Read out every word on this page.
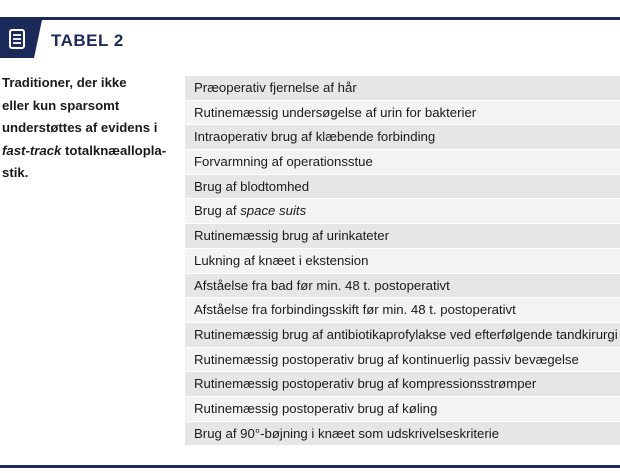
TABEL 2

Traditioner, der ikke
eller kun sparsomt
understøttes af evidens i
fast-track totalknæallopla-
stik.

Præoperativ fjernelse af hår
Rutinemæssig undersøgelse af urin for bakterier
Intraoperativ brug af klæbende forbinding
Forvarmning af operationsstue
Brug af blodtomhed
Brug af space suits
Rutinemæssig brug af urinkateter
Lukning af knæet i ekstension
Afståelse fra bad før min. 48 t. postoperativt
Afståelse fra forbindingsskift før min. 48 t. postoperativt
Rutinemæssig brug af antibiotikaprofylakse ved efterfølgende tandkirurgi
Rutinemæssig postoperativ brug af kontinuerlig passiv bevægelse
Rutinemæssig postoperativ brug af kompressionsstrømper
Rutinemæssig postoperativ brug af køling
Brug af 90°-bøjning i knæet som udskrivelseskriterie
